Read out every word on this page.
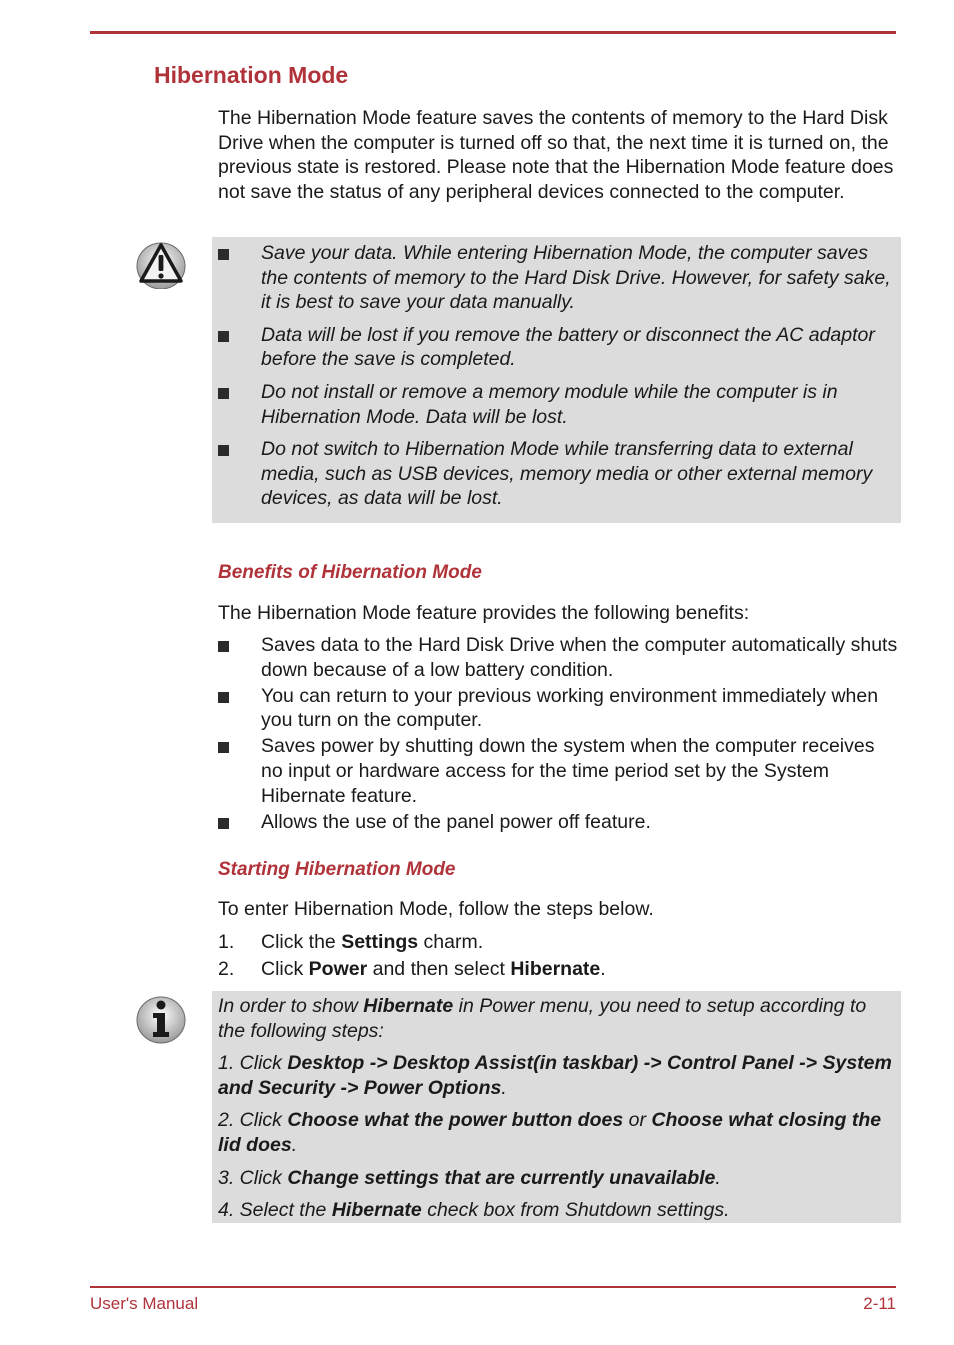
Hibernation Mode

The Hibernation Mode feature saves the contents of memory to the Hard Disk Drive when the computer is turned off so that, the next time it is turned on, the previous state is restored. Please note that the Hibernation Mode feature does not save the status of any peripheral devices connected to the computer.

Save your data. While entering Hibernation Mode, the computer saves the contents of memory to the Hard Disk Drive. However, for safety sake, it is best to save your data manually.
Data will be lost if you remove the battery or disconnect the AC adaptor before the save is completed.
Do not install or remove a memory module while the computer is in Hibernation Mode. Data will be lost.
Do not switch to Hibernation Mode while transferring data to external media, such as USB devices, memory media or other external memory devices, as data will be lost.
Benefits of Hibernation Mode

The Hibernation Mode feature provides the following benefits:

Saves data to the Hard Disk Drive when the computer automatically shuts down because of a low battery condition.
You can return to your previous working environment immediately when you turn on the computer.
Saves power by shutting down the system when the computer receives no input or hardware access for the time period set by the System Hibernate feature.
Allows the use of the panel power off feature.
Starting Hibernation Mode

To enter Hibernation Mode, follow the steps below.

1. Click the Settings charm.
2. Click Power and then select Hibernate.

In order to show Hibernate in Power menu, you need to setup according to the following steps:

1. Click Desktop -> Desktop Assist(in taskbar) -> Control Panel -> System and Security -> Power Options.

2. Click Choose what the power button does or Choose what closing the lid does.

3. Click Change settings that are currently unavailable.

4. Select the Hibernate check box from Shutdown settings.

User's Manual	2-11
